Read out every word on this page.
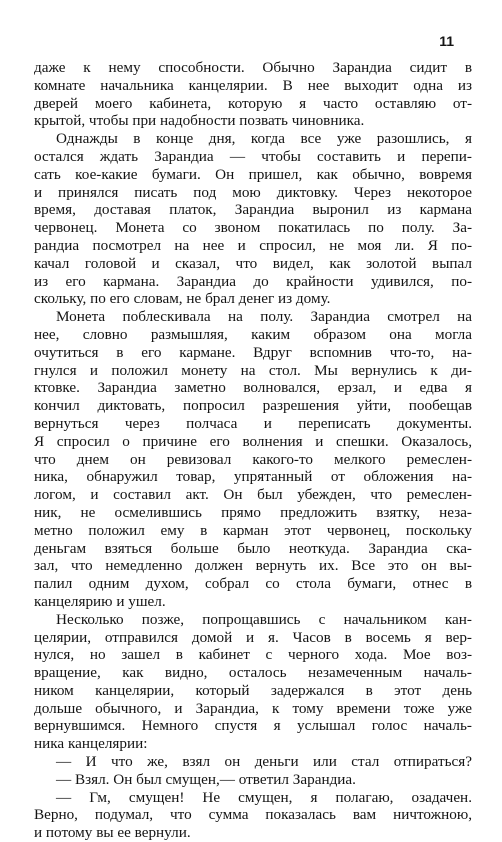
11
даже к нему способности. Обычно Зарандиа сидит в
комнате начальника канцелярии. В нее выходит одна из
дверей моего кабинета, которую я часто оставляю от-
крытой, чтобы при надобности позвать чиновника.
Однажды в конце дня, когда все уже разошлись, я
остался ждать Зарандиа — чтобы составить и перепи-
сать кое-какие бумаги. Он пришел, как обычно, вовремя
и принялся писать под мою диктовку. Через некоторое
время, доставая платок, Зарандиа выронил из кармана
червонец. Монета со звоном покатилась по полу. За-
рандиа посмотрел на нее и спросил, не моя ли. Я по-
качал головой и сказал, что видел, как золотой выпал
из его кармана. Зарандиа до крайности удивился, по-
скольку, по его словам, не брал денег из дому.
Монета поблескивала на полу. Зарандиа смотрел на
нее, словно размышляя, каким образом она могла
очутиться в его кармане. Вдруг вспомнив что-то, на-
гнулся и положил монету на стол. Мы вернулись к ди-
ктовке. Зарандиа заметно волновался, ерзал, и едва я
кончил диктовать, попросил разрешения уйти, пообещав
вернуться через полчаса и переписать документы.
Я спросил о причине его волнения и спешки. Оказалось,
что днем он ревизовал какого-то мелкого ремеслен-
ника, обнаружил товар, упрятанный от обложения на-
логом, и составил акт. Он был убежден, что ремеслен-
ник, не осмелившись прямо предложить взятку, неза-
метно положил ему в карман этот червонец, поскольку
деньгам взяться больше было неоткуда. Зарандиа ска-
зал, что немедленно должен вернуть их. Все это он вы-
палил одним духом, собрал со стола бумаги, отнес в
канцелярию и ушел.
Несколько позже, попрощавшись с начальником кан-
целярии, отправился домой и я. Часов в восемь я вер-
нулся, но зашел в кабинет с черного хода. Мое воз-
вращение, как видно, осталось незамеченным началь-
ником канцелярии, который задержался в этот день
дольше обычного, и Зарандиа, к тому времени тоже уже
вернувшимся. Немного спустя я услышал голос началь-
ника канцелярии:
— И что же, взял он деньги или стал отпираться?
— Взял. Он был смущен,— ответил Зарандиа.
— Гм, смущен! Не смущен, я полагаю, озадачен.
Верно, подумал, что сумма показалась вам ничтожною,
и потому вы ее вернули.
